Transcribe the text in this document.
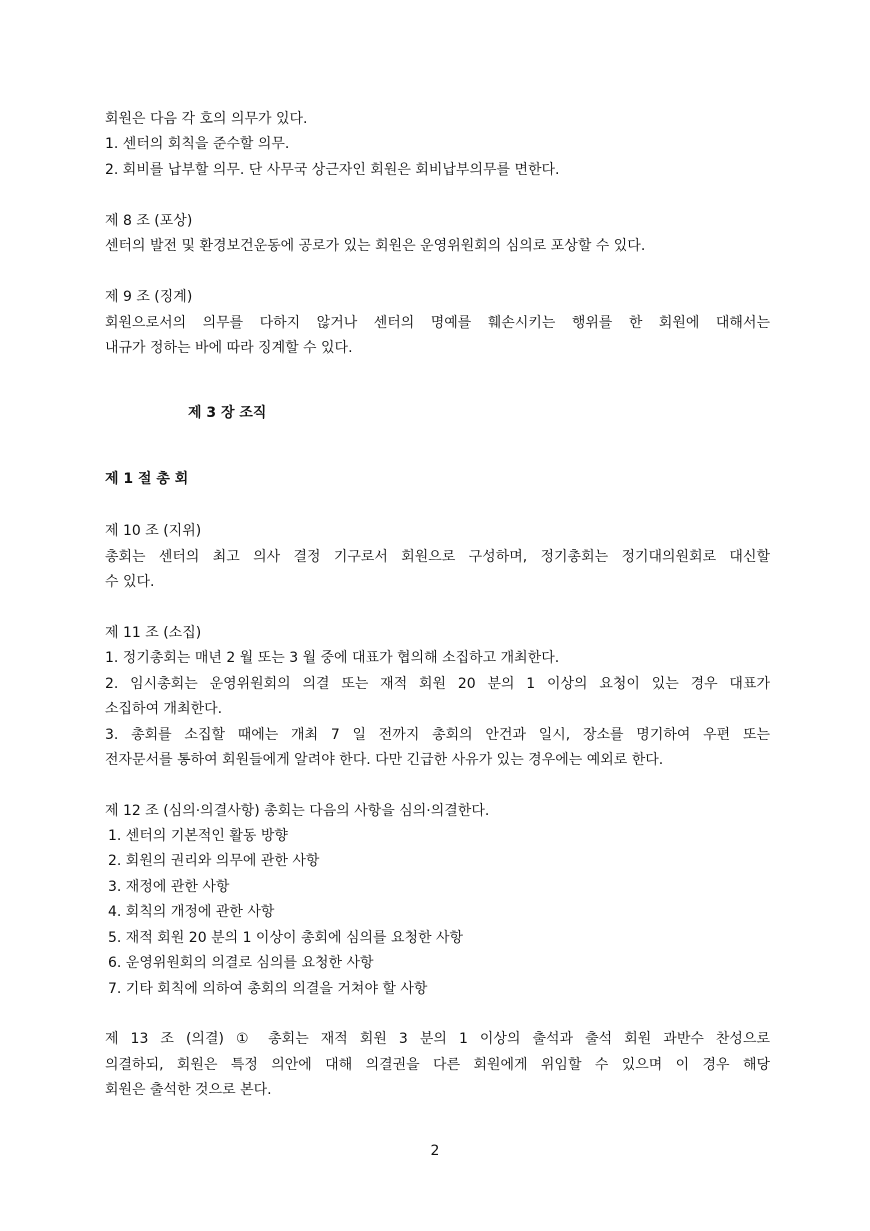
회원은 다음 각 호의 의무가 있다.
1. 센터의 회칙을 준수할 의무.
2. 회비를 납부할 의무. 단 사무국 상근자인 회원은 회비납부의무를 면한다.
제 8 조 (포상)
센터의 발전 및 환경보건운동에 공로가 있는 회원은 운영위원회의 심의로 포상할 수 있다.
제 9 조 (징계)
회원으로서의 의무를 다하지 않거나 센터의 명예를 훼손시키는 행위를 한 회원에 대해서는
내규가 정하는 바에 따라 징계할 수 있다.
제 3 장 조직
제 1 절 총 회
제 10 조 (지위)
총회는 센터의 최고 의사 결정 기구로서 회원으로 구성하며, 정기총회는 정기대의원회로 대신할
수 있다.
제 11 조 (소집)
1. 정기총회는 매년 2 월 또는 3 월 중에 대표가 협의해 소집하고 개최한다.
2. 임시총회는 운영위원회의 의결 또는 재적 회원 20 분의 1 이상의 요청이 있는 경우 대표가
소집하여 개최한다.
3. 총회를 소집할 때에는 개최 7 일 전까지 총회의 안건과 일시, 장소를 명기하여 우편 또는
전자문서를 통하여 회원들에게 알려야 한다. 다만 긴급한 사유가 있는 경우에는 예외로 한다.
제 12 조 (심의·의결사항) 총회는 다음의 사항을 심의·의결한다.
1. 센터의 기본적인 활동 방향
2. 회원의 권리와 의무에 관한 사항
3. 재정에 관한 사항
4. 회칙의 개정에 관한 사항
5. 재적 회원 20 분의 1 이상이 총회에 심의를 요청한 사항
6. 운영위원회의 의결로 심의를 요청한 사항
7. 기타 회칙에 의하여 총회의 의결을 거쳐야 할 사항
제 13 조 (의결) ① 총회는 재적 회원 3 분의 1 이상의 출석과 출석 회원 과반수 찬성으로
의결하되, 회원은 특정 의안에 대해 의결권을 다른 회원에게 위임할 수 있으며 이 경우 해당
회원은 출석한 것으로 본다.
2
